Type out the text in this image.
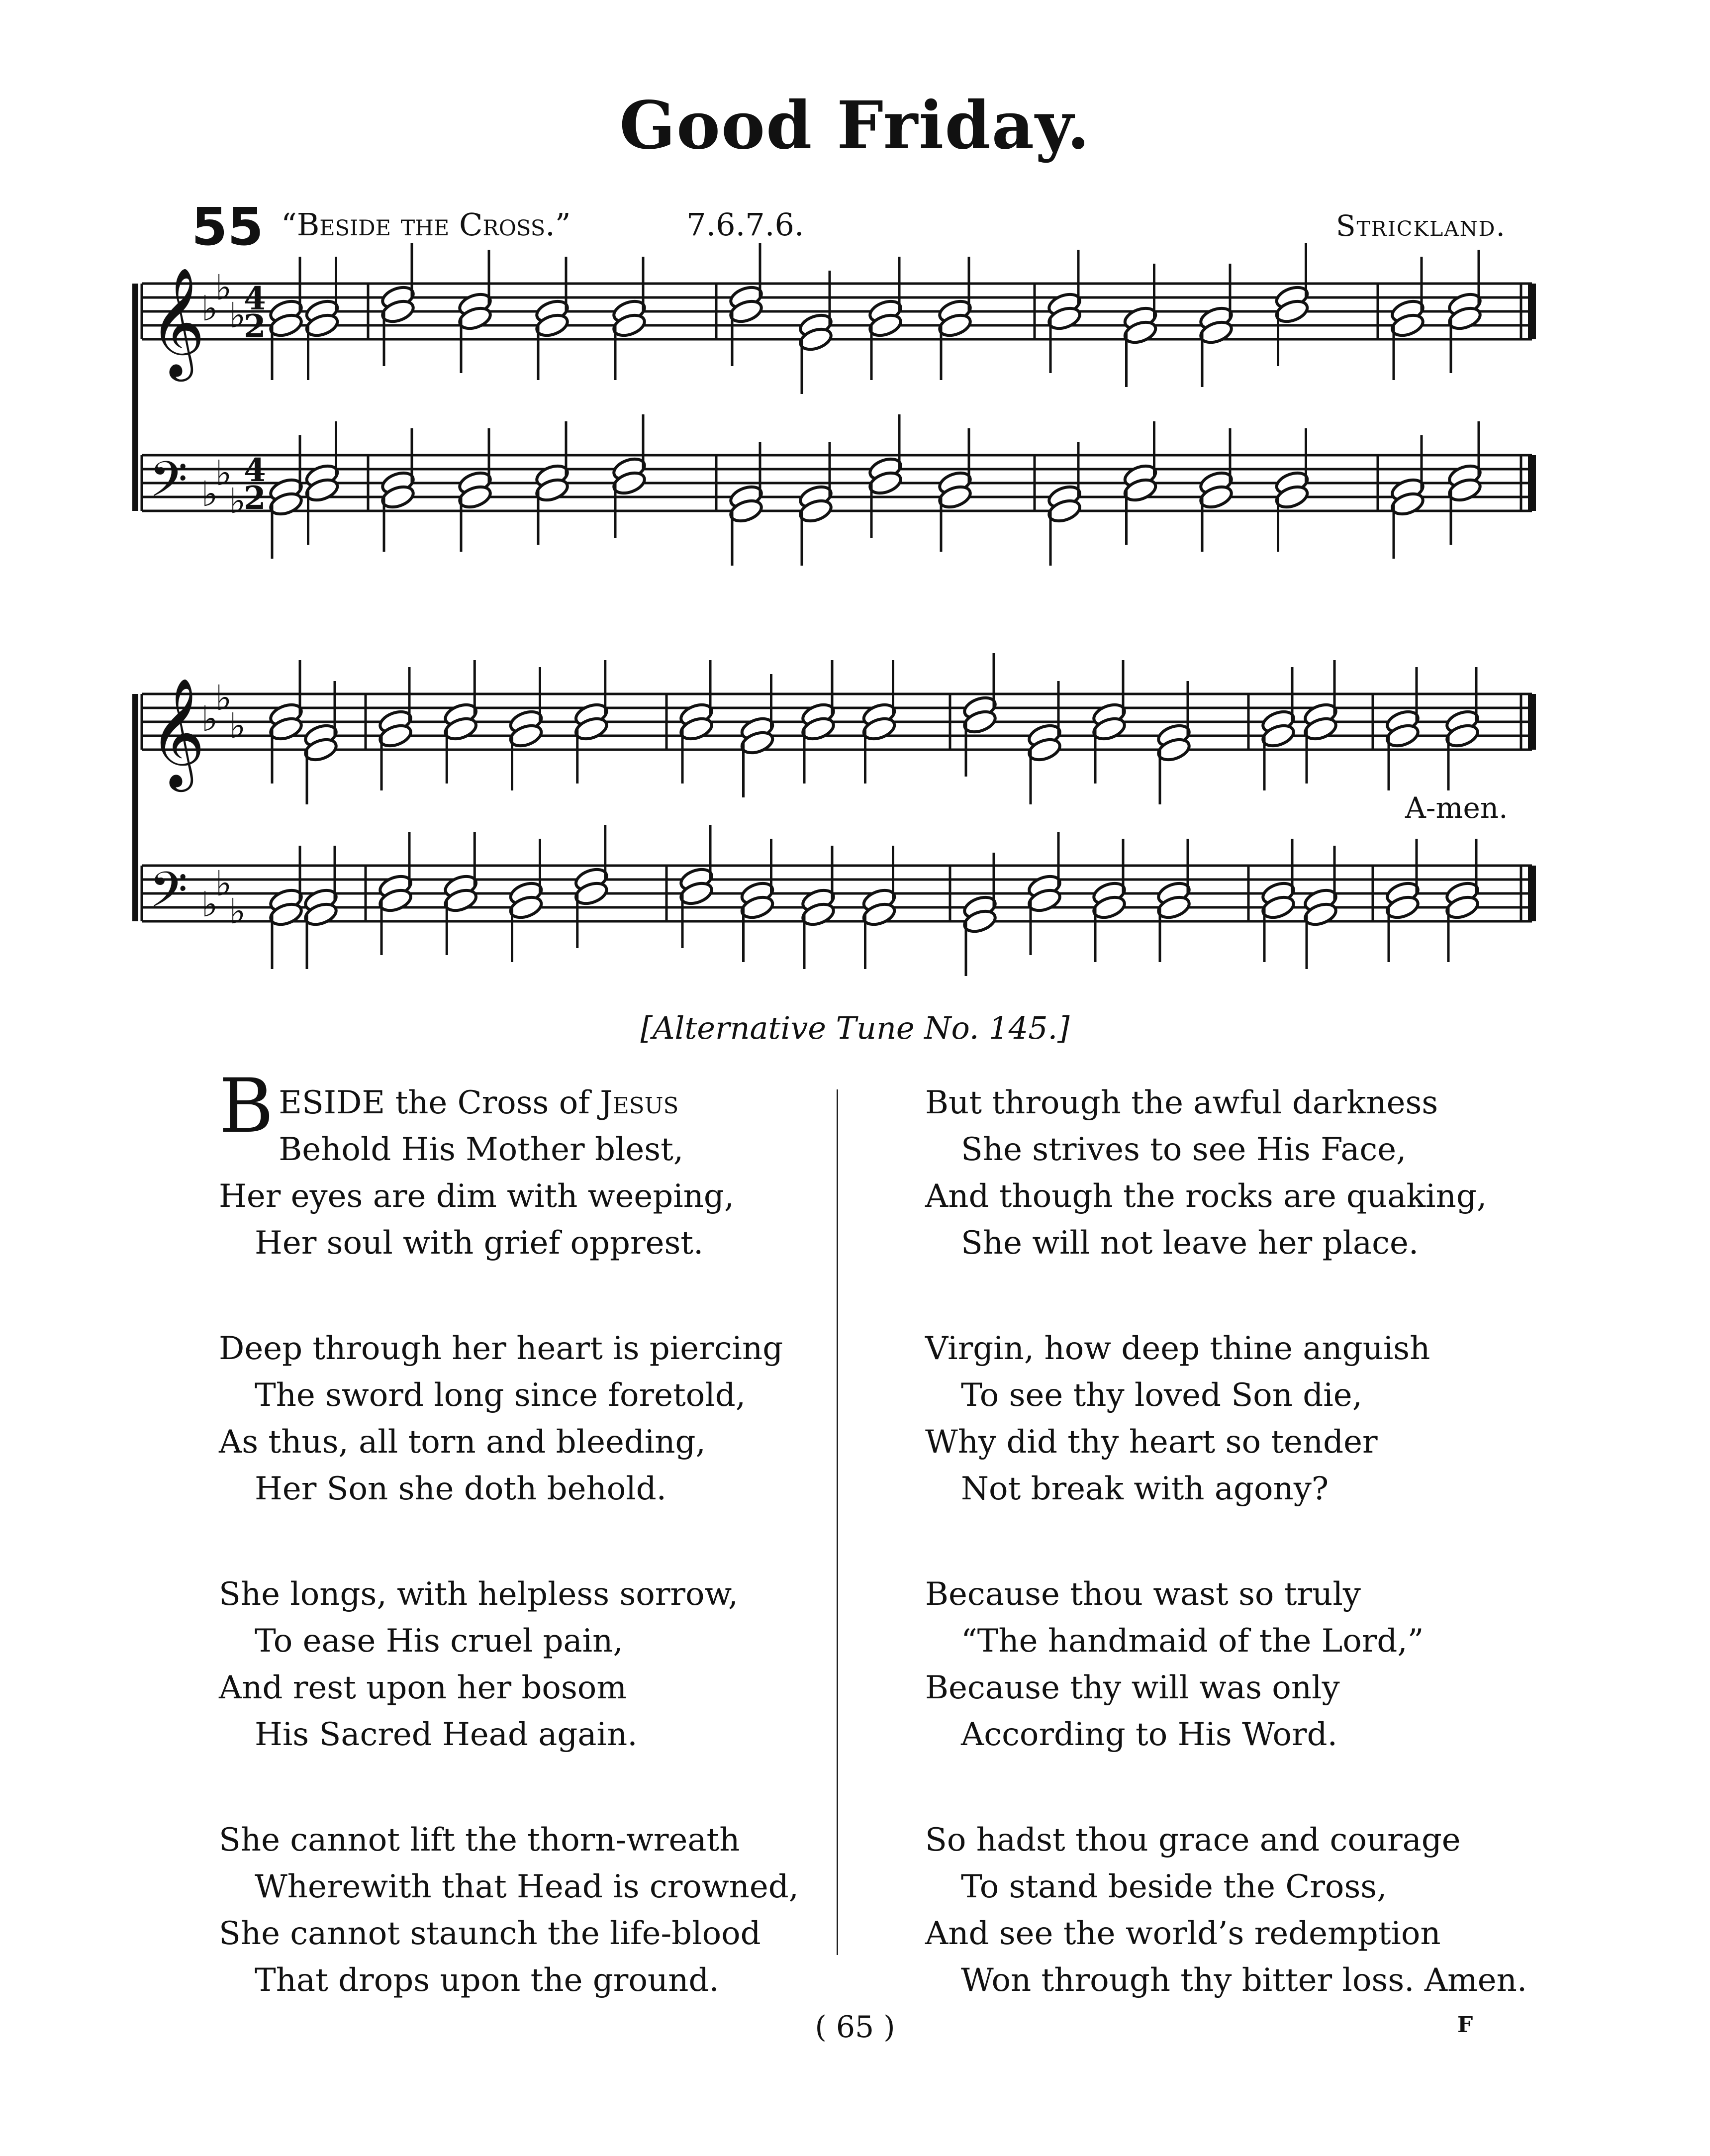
Good Friday.
55 “Beside the Cross.”	7.6.7.6.	Strickland.
𝄞
♭
♭
♭
4
2
𝄢 ♭
♭
♭
4
2
𝄞
♭
♭
♭
𝄢 ♭
♭
♭
A-men.
[Alternative Tune No. 145.]
BESIDE the Cross of Jesus
Behold His Mother blest,
Her eyes are dim with weeping,
Her soul with grief opprest.
Deep through her heart is piercing
The sword long since foretold,
As thus, all torn and bleeding,
Her Son she doth behold.
She longs, with helpless sorrow,
To ease His cruel pain,
And rest upon her bosom
His Sacred Head again.
She cannot lift the thorn-wreath
Wherewith that Head is crowned,
She cannot staunch the life-blood
That drops upon the ground.
But through the awful darkness
She strives to see His Face,
And though the rocks are quaking,
She will not leave her place.
Virgin, how deep thine anguish
To see thy loved Son die,
Why did thy heart so tender
Not break with agony?
Because thou wast so truly
“The handmaid of the Lord,”
Because thy will was only
According to His Word.
So hadst thou grace and courage
To stand beside the Cross,
And see the world’s redemption
Won through thy bitter loss. Amen.
( 65 )	F
